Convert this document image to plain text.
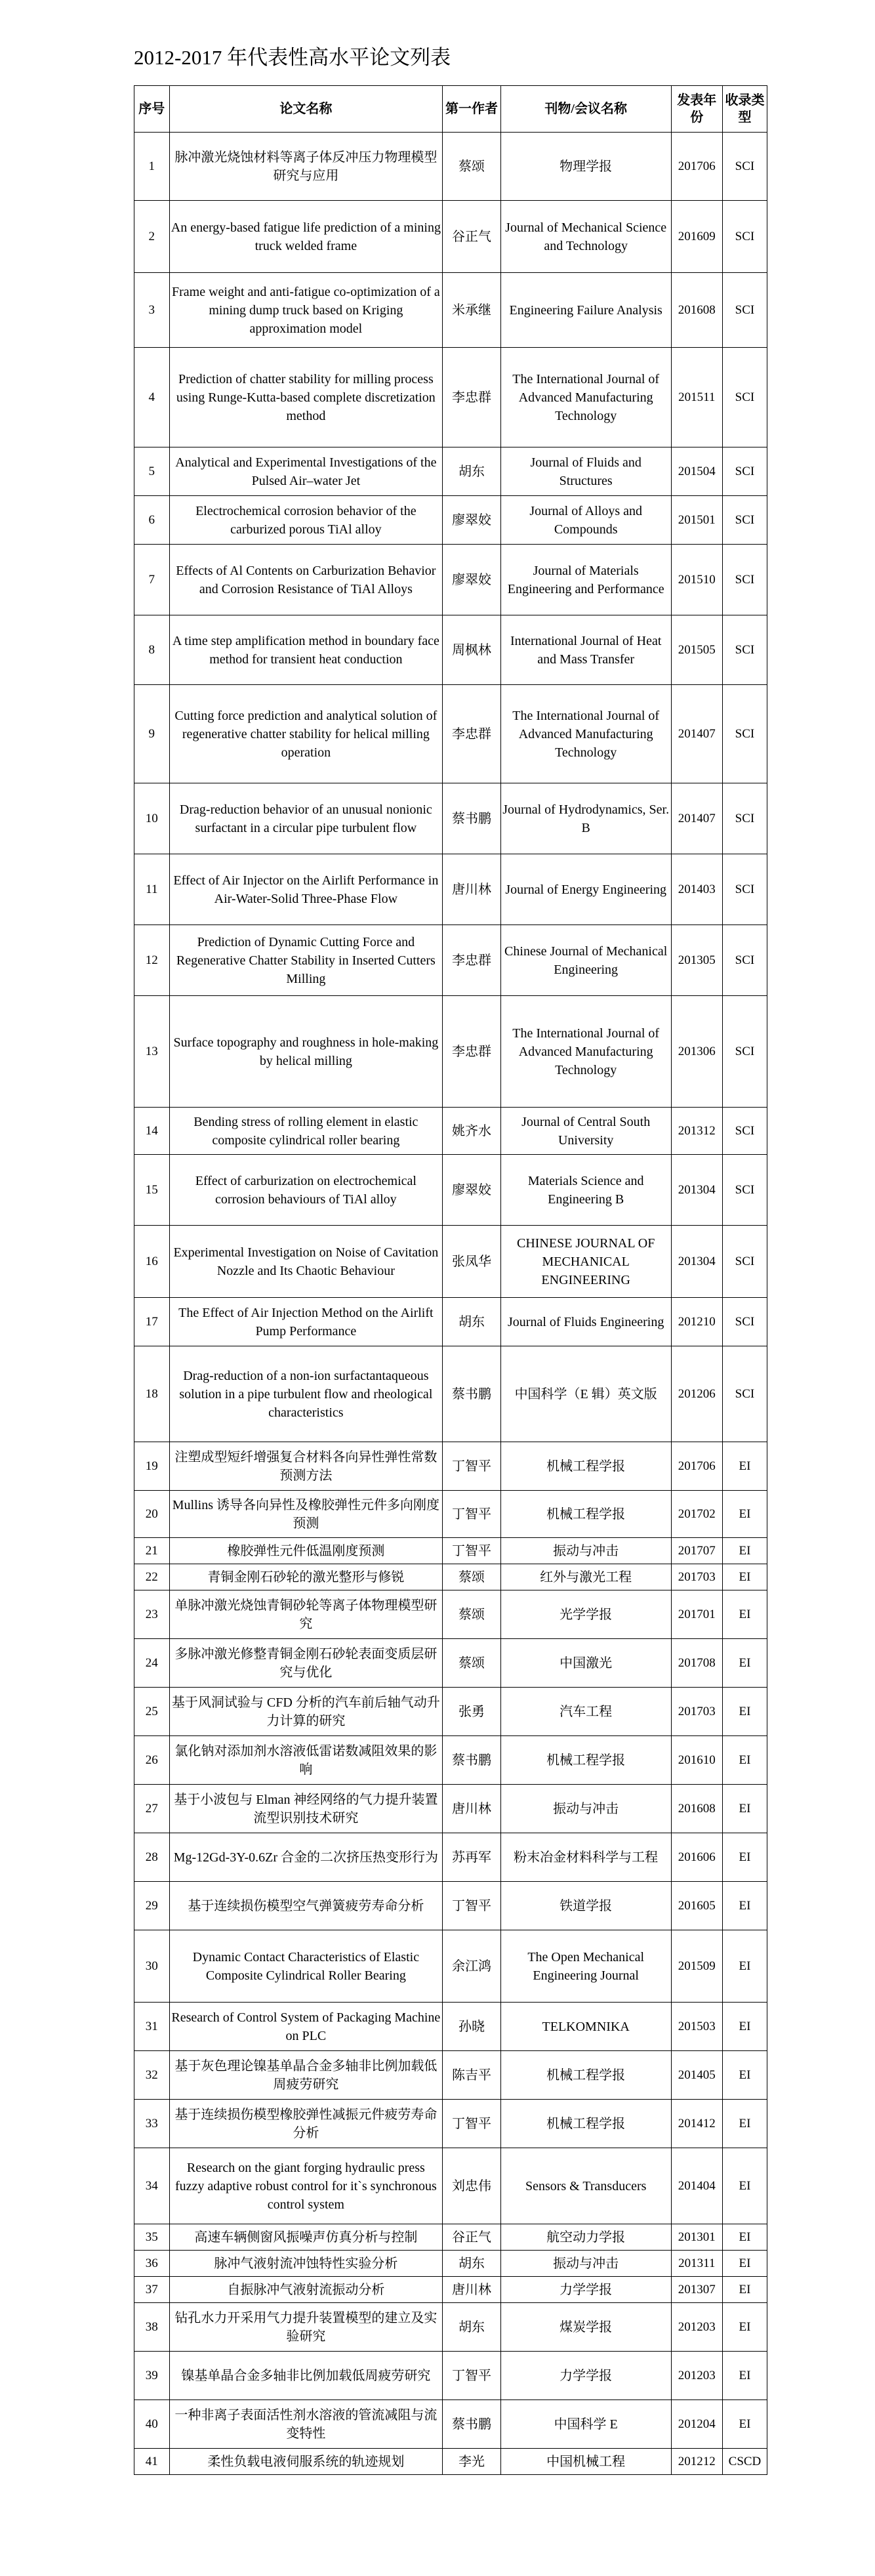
2012-2017 年代表性高水平论文列表
序号	论文名称	第一作者	刊物/会议名称	发表年份	收录类型
1	脉冲激光烧蚀材料等离子体反冲压力物理模型研究与应用	蔡颂	物理学报	201706	SCI
2	An energy-based fatigue life prediction of a mining truck welded frame	谷正气	Journal of Mechanical Science and Technology	201609	SCI
3	Frame weight and anti-fatigue co-optimization of a mining dump truck based on Kriging approximation model	米承继	Engineering Failure Analysis	201608	SCI
4	Prediction of chatter stability for milling process using Runge-Kutta-based complete discretization method	李忠群	The International Journal of Advanced Manufacturing Technology	201511	SCI
5	Analytical and Experimental Investigations of the Pulsed Air–water Jet	胡东	Journal of Fluids and Structures	201504	SCI
6	Electrochemical corrosion behavior of the carburized porous TiAl alloy	廖翠姣	Journal of Alloys and Compounds	201501	SCI
7	Effects of Al Contents on Carburization Behavior and Corrosion Resistance of TiAl Alloys	廖翠姣	Journal of Materials Engineering and Performance	201510	SCI
8	A time step amplification method in boundary face method for transient heat conduction	周枫林	International Journal of Heat and Mass Transfer	201505	SCI
9	Cutting force prediction and analytical solution of regenerative chatter stability for helical milling operation	李忠群	The International Journal of Advanced Manufacturing Technology	201407	SCI
10	Drag-reduction behavior of an unusual nonionic surfactant in a circular pipe turbulent flow	蔡书鹏	Journal of Hydrodynamics, Ser. B	201407	SCI
11	Effect of Air Injector on the Airlift Performance in Air-Water-Solid Three-Phase Flow	唐川林	Journal of Energy Engineering	201403	SCI
12	Prediction of Dynamic Cutting Force and Regenerative Chatter Stability in Inserted Cutters Milling	李忠群	Chinese Journal of Mechanical Engineering	201305	SCI
13	Surface topography and roughness in hole-making by helical milling	李忠群	The International Journal of Advanced Manufacturing Technology	201306	SCI
14	Bending stress of rolling element in elastic composite cylindrical roller bearing	姚齐水	Journal of Central South University	201312	SCI
15	Effect of carburization on electrochemical corrosion behaviours of TiAl alloy	廖翠姣	Materials Science and Engineering B	201304	SCI
16	Experimental Investigation on Noise of Cavitation Nozzle and Its Chaotic Behaviour	张凤华	CHINESE JOURNAL OF MECHANICAL ENGINEERING	201304	SCI
17	The Effect of Air Injection Method on the Airlift Pump Performance	胡东	Journal of Fluids Engineering	201210	SCI
18	Drag-reduction of a non-ion surfactantaqueous solution in a pipe turbulent flow and rheological characteristics	蔡书鹏	中国科学（E 辑）英文版	201206	SCI
19	注塑成型短纤增强复合材料各向异性弹性常数预测方法	丁智平	机械工程学报	201706	EI
20	Mullins 诱导各向异性及橡胶弹性元件多向刚度预测	丁智平	机械工程学报	201702	EI
21	橡胶弹性元件低温刚度预测	丁智平	振动与冲击	201707	EI
22	青铜金刚石砂轮的激光整形与修锐	蔡颂	红外与激光工程	201703	EI
23	单脉冲激光烧蚀青铜砂轮等离子体物理模型研究	蔡颂	光学学报	201701	EI
24	多脉冲激光修整青铜金刚石砂轮表面变质层研究与优化	蔡颂	中国激光	201708	EI
25	基于风洞试验与 CFD 分析的汽车前后轴气动升力计算的研究	张勇	汽车工程	201703	EI
26	氯化钠对添加剂水溶液低雷诺数减阻效果的影响	蔡书鹏	机械工程学报	201610	EI
27	基于小波包与 Elman 神经网络的气力提升装置流型识别技术研究	唐川林	振动与冲击	201608	EI
28	Mg-12Gd-3Y-0.6Zr 合金的二次挤压热变形行为	苏再军	粉末冶金材料科学与工程	201606	EI
29	基于连续损伤模型空气弹簧疲劳寿命分析	丁智平	铁道学报	201605	EI
30	Dynamic Contact Characteristics of Elastic Composite Cylindrical Roller Bearing	余江鸿	The Open Mechanical Engineering Journal	201509	EI
31	Research of Control System of Packaging Machine on PLC	孙晓	TELKOMNIKA	201503	EI
32	基于灰色理论镍基单晶合金多轴非比例加载低周疲劳研究	陈吉平	机械工程学报	201405	EI
33	基于连续损伤模型橡胶弹性减振元件疲劳寿命分析	丁智平	机械工程学报	201412	EI
34	Research on the giant forging hydraulic press fuzzy adaptive robust control for it`s synchronous control system	刘忠伟	Sensors & Transducers	201404	EI
35	高速车辆侧窗风振噪声仿真分析与控制	谷正气	航空动力学报	201301	EI
36	脉冲气液射流冲蚀特性实验分析	胡东	振动与冲击	201311	EI
37	自振脉冲气液射流振动分析	唐川林	力学学报	201307	EI
38	钻孔水力开采用气力提升装置模型的建立及实验研究	胡东	煤炭学报	201203	EI
39	镍基单晶合金多轴非比例加载低周疲劳研究	丁智平	力学学报	201203	EI
40	一种非离子表面活性剂水溶液的管流减阻与流变特性	蔡书鹏	中国科学 E	201204	EI
41	柔性负载电液伺服系统的轨迹规划	李光	中国机械工程	201212	CSCD
